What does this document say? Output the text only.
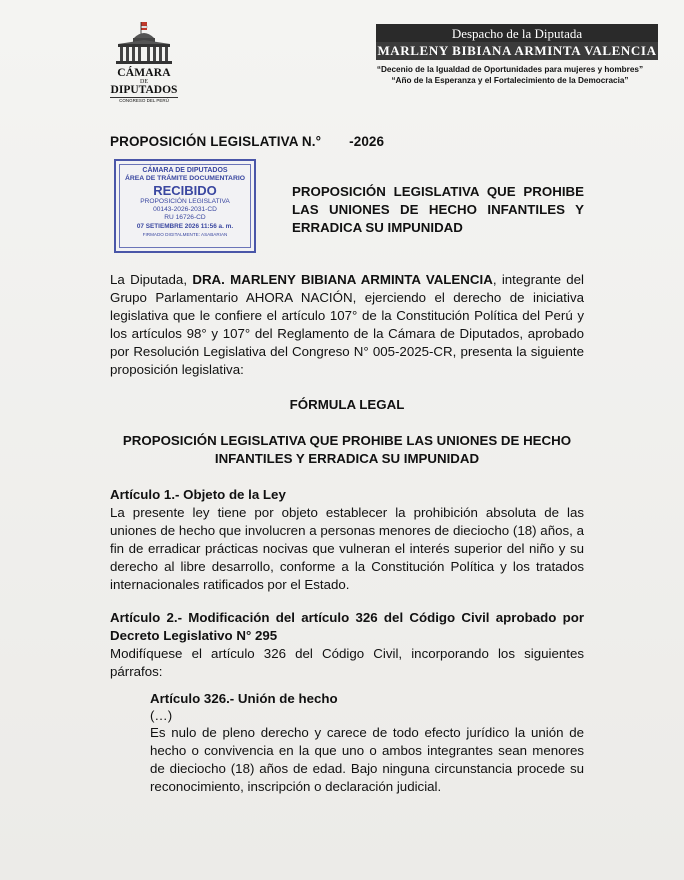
CÁMARA
DE
DIPUTADOS
CONGRESO DEL PERÚ
Despacho de la Diputada
MARLENY BIBIANA ARMINTA VALENCIA
“Decenio de la Igualdad de Oportunidades para mujeres y hombres”
“Año de la Esperanza y el Fortalecimiento de la Democracia”
PROPOSICIÓN LEGISLATIVA N.° -2026
CÁMARA DE DIPUTADOS
ÁREA DE TRÁMITE DOCUMENTARIO
RECIBIDO
PROPOSICIÓN LEGISLATIVA
00143-2026-2031-CD
RU 16726-CD
07 SETIEMBRE 2026 11:56 a. m.
FIRMADO DIGITALMENTE: ASABARIAN
PROPOSICIÓN LEGISLATIVA QUE PROHIBE LAS UNIONES DE HECHO INFANTILES Y ERRADICA SU IMPUNIDAD
La Diputada, DRA. MARLENY BIBIANA ARMINTA VALENCIA, integrante del Grupo Parlamentario AHORA NACIÓN, ejerciendo el derecho de iniciativa legislativa que le confiere el artículo 107° de la Constitución Política del Perú y los artículos 98° y 107° del Reglamento de la Cámara de Diputados, aprobado por Resolución Legislativa del Congreso N° 005-2025-CR, presenta la siguiente proposición legislativa:
FÓRMULA LEGAL
PROPOSICIÓN LEGISLATIVA QUE PROHIBE LAS UNIONES DE HECHO
INFANTILES Y ERRADICA SU IMPUNIDAD
Artículo 1.- Objeto de la Ley
La presente ley tiene por objeto establecer la prohibición absoluta de las uniones de hecho que involucren a personas menores de dieciocho (18) años, a fin de erradicar prácticas nocivas que vulneran el interés superior del niño y su derecho al libre desarrollo, conforme a la Constitución Política y los tratados internacionales ratificados por el Estado.
Artículo 2.- Modificación del artículo 326 del Código Civil aprobado por Decreto Legislativo N° 295
Modifíquese el artículo 326 del Código Civil, incorporando los siguientes párrafos:
Artículo 326.- Unión de hecho
(…)
Es nulo de pleno derecho y carece de todo efecto jurídico la unión de hecho o convivencia en la que uno o ambos integrantes sean menores de dieciocho (18) años de edad. Bajo ninguna circunstancia procede su reconocimiento, inscripción o declaración judicial.
